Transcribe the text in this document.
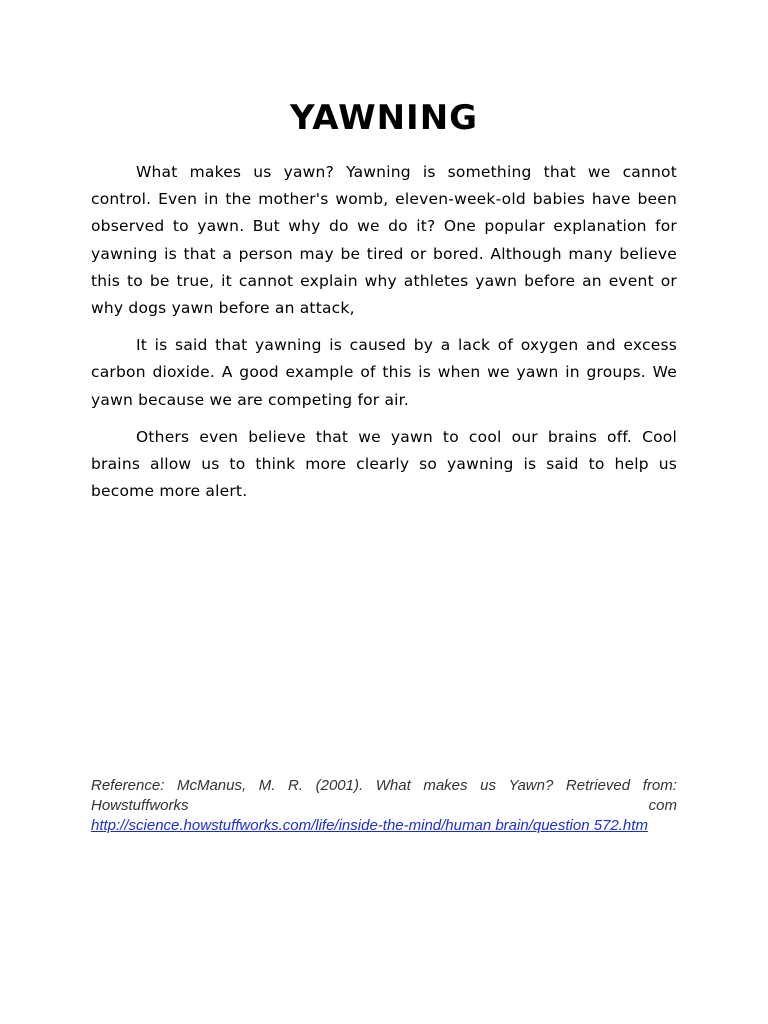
YAWNING

What makes us yawn? Yawning is something that we cannot control. Even in the mother's womb, eleven-week-old babies have been observed to yawn. But why do we do it? One popular explanation for yawning is that a person may be tired or bored. Although many believe this to be true, it cannot explain why athletes yawn before an event or why dogs yawn before an attack,

It is said that yawning is caused by a lack of oxygen and excess carbon dioxide. A good example of this is when we yawn in groups. We yawn because we are competing for air.

Others even believe that we yawn to cool our brains off. Cool brains allow us to think more clearly so yawning is said to help us become more alert.

Reference: McManus, M. R. (2001). What makes us Yawn? Retrieved from:
Howstuffworks	com
http://science.howstuffworks.com/life/inside-the-mind/human brain/question 572.htm
